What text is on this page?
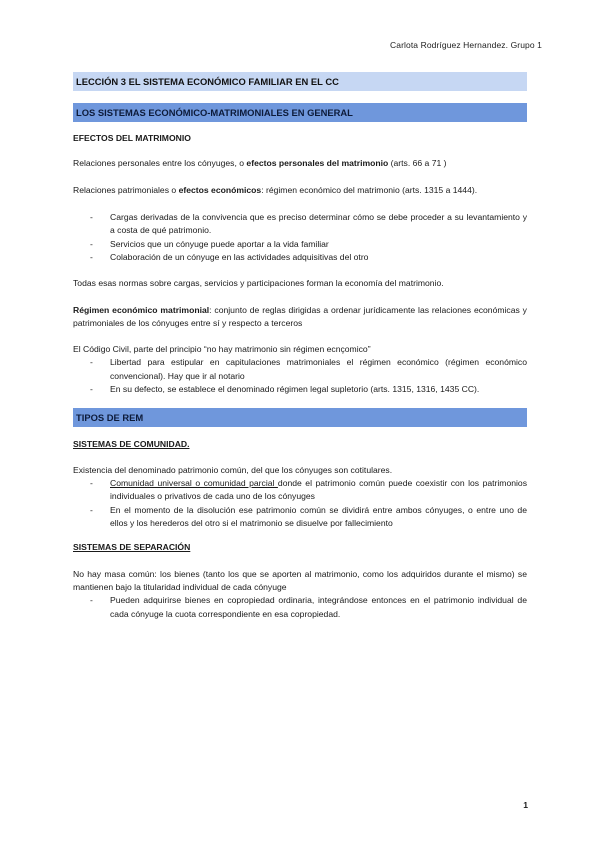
Carlota Rodríguez Hernandez. Grupo 1
LECCIÓN 3 EL SISTEMA ECONÓMICO FAMILIAR EN EL CC
LOS SISTEMAS ECONÓMICO-MATRIMONIALES EN GENERAL

EFECTOS DEL MATRIMONIO

Relaciones personales entre los cónyuges, o efectos personales del matrimonio (arts. 66 a 71 )

Relaciones patrimoniales o efectos económicos: régimen económico del matrimonio (arts. 1315 a 1444).

- Cargas derivadas de la convivencia que es preciso determinar cómo se debe proceder a su levantamiento y a costa de qué patrimonio.
- Servicios que un cónyuge puede aportar a la vida familiar
- Colaboración de un cónyuge en las actividades adquisitivas del otro

Todas esas normas sobre cargas, servicios y participaciones forman la economía del matrimonio.

Régimen económico matrimonial: conjunto de reglas dirigidas a ordenar jurídicamente las relaciones económicas y patrimoniales de los cónyuges entre sí y respecto a terceros

El Código Civil, parte del principio “no hay matrimonio sin régimen ecnçomico”

- Libertad para estipular en capitulaciones matrimoniales el régimen económico (régimen económico convencional). Hay que ir al notario
- En su defecto, se establece el denominado régimen legal supletorio (arts. 1315, 1316, 1435 CC).
TIPOS DE REM

SISTEMAS DE COMUNIDAD.

Existencia del denominado patrimonio común, del que los cónyuges son cotitulares.

- Comunidad universal o comunidad parcial donde el patrimonio común puede coexistir con los patrimonios individuales o privativos de cada uno de los cónyuges
- En el momento de la disolución ese patrimonio común se dividirá entre ambos cónyuges, o entre uno de ellos y los herederos del otro si el matrimonio se disuelve por fallecimiento

SISTEMAS DE SEPARACIÓN

No hay masa común: los bienes (tanto los que se aporten al matrimonio, como los adquiridos durante el mismo) se mantienen bajo la titularidad individual de cada cónyuge

- Pueden adquirirse bienes en copropiedad ordinaria, integrándose entonces en el patrimonio individual de cada cónyuge la cuota correspondiente en esa copropiedad.
1
